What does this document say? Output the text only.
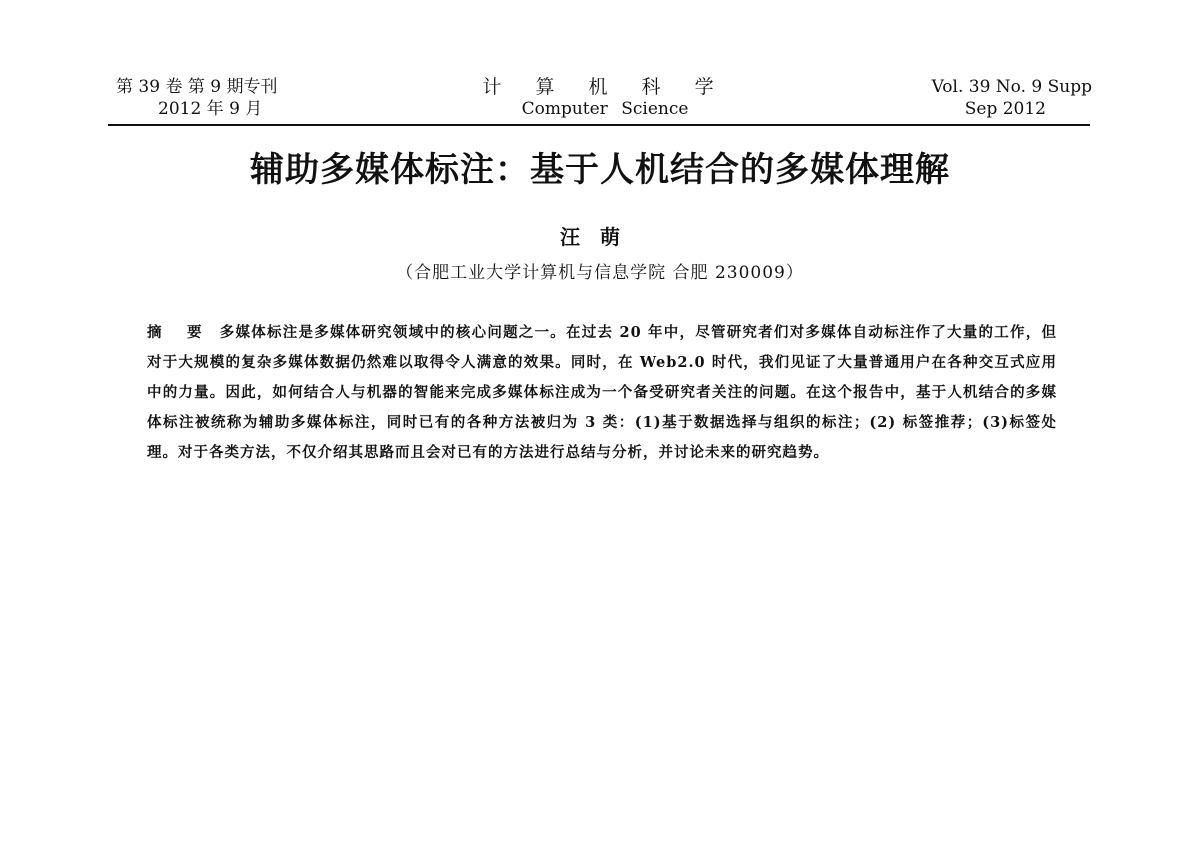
第 39 卷 第 9 期专刊
2012 年 9 月
计 算 机 科 学
Computer Science
Vol. 39 No. 9 Supp
Sep 2012
辅助多媒体标注：基于人机结合的多媒体理解
汪萌
（合肥工业大学计算机与信息学院 合肥 230009）
摘 要 多媒体标注是多媒体研究领域中的核心问题之一。在过去 20 年中，尽管研究者们对多媒体自动标注作了大量的工作，但对于大规模的复杂多媒体数据仍然难以取得令人满意的效果。同时，在 Web2.0 时代，我们见证了大量普通用户在各种交互式应用中的力量。因此，如何结合人与机器的智能来完成多媒体标注成为一个备受研究者关注的问题。在这个报告中，基于人机结合的多媒体标注被统称为辅助多媒体标注，同时已有的各种方法被归为 3 类：(1)基于数据选择与组织的标注；(2) 标签推荐；(3)标签处理。对于各类方法，不仅介绍其思路而且会对已有的方法进行总结与分析，并讨论未来的研究趋势。
